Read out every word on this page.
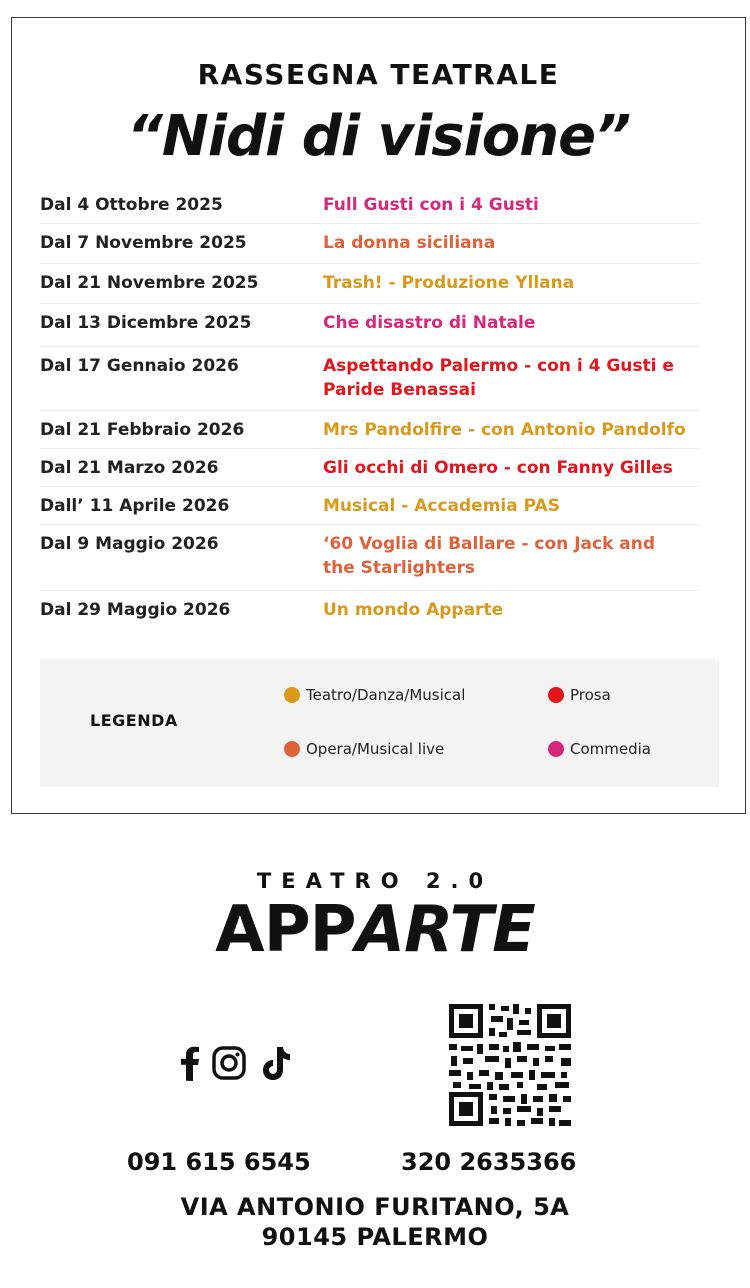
RASSEGNA TEATRALE
“Nidi di visione”
Dal 4 Ottobre 2025	Full Gusti con i 4 Gusti
Dal 7 Novembre 2025	La donna siciliana
Dal 21 Novembre 2025	Trash! - Produzione Yllana
Dal 13 Dicembre 2025	Che disastro di Natale
Dal 17 Gennaio 2026	Aspettando Palermo - con i 4 Gusti e
Paride Benassai
Dal 21 Febbraio 2026	Mrs Pandolfire - con Antonio Pandolfo
Dal 21 Marzo 2026	Gli occhi di Omero - con Fanny Gilles
Dall’ 11 Aprile 2026	Musical - Accademia PAS
Dal 9 Maggio 2026	‘60 Voglia di Ballare - con Jack and
the Starlighters
Dal 29 Maggio 2026	Un mondo Apparte
LEGENDA
Teatro/Danza/Musical	Prosa
Opera/Musical live	Commedia
TEATRO 2.0
APPARTE
091 615 6545	320 2635366
VIA ANTONIO FURITANO, 5A
90145 PALERMO
